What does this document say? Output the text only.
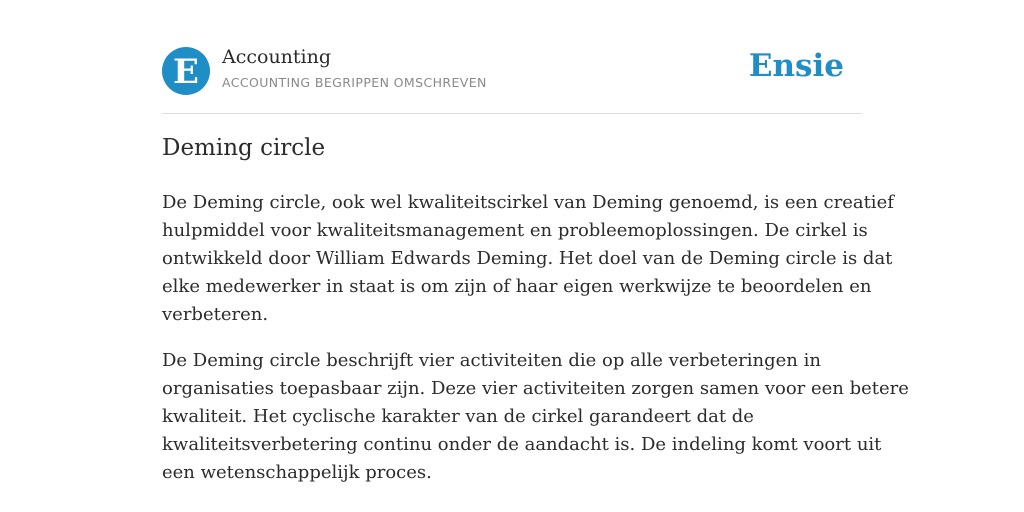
E Accounting
ACCOUNTING BEGRIPPEN OMSCHREVEN	Ensie
Deming circle

De Deming circle, ook wel kwaliteitscirkel van Deming genoemd, is een creatief
hulpmiddel voor kwaliteitsmanagement en probleemoplossingen. De cirkel is
ontwikkeld door William Edwards Deming. Het doel van de Deming circle is dat
elke medewerker in staat is om zijn of haar eigen werkwijze te beoordelen en
verbeteren.

De Deming circle beschrijft vier activiteiten die op alle verbeteringen in
organisaties toepasbaar zijn. Deze vier activiteiten zorgen samen voor een betere
kwaliteit. Het cyclische karakter van de cirkel garandeert dat de
kwaliteitsverbetering continu onder de aandacht is. De indeling komt voort uit
een wetenschappelijk proces.
